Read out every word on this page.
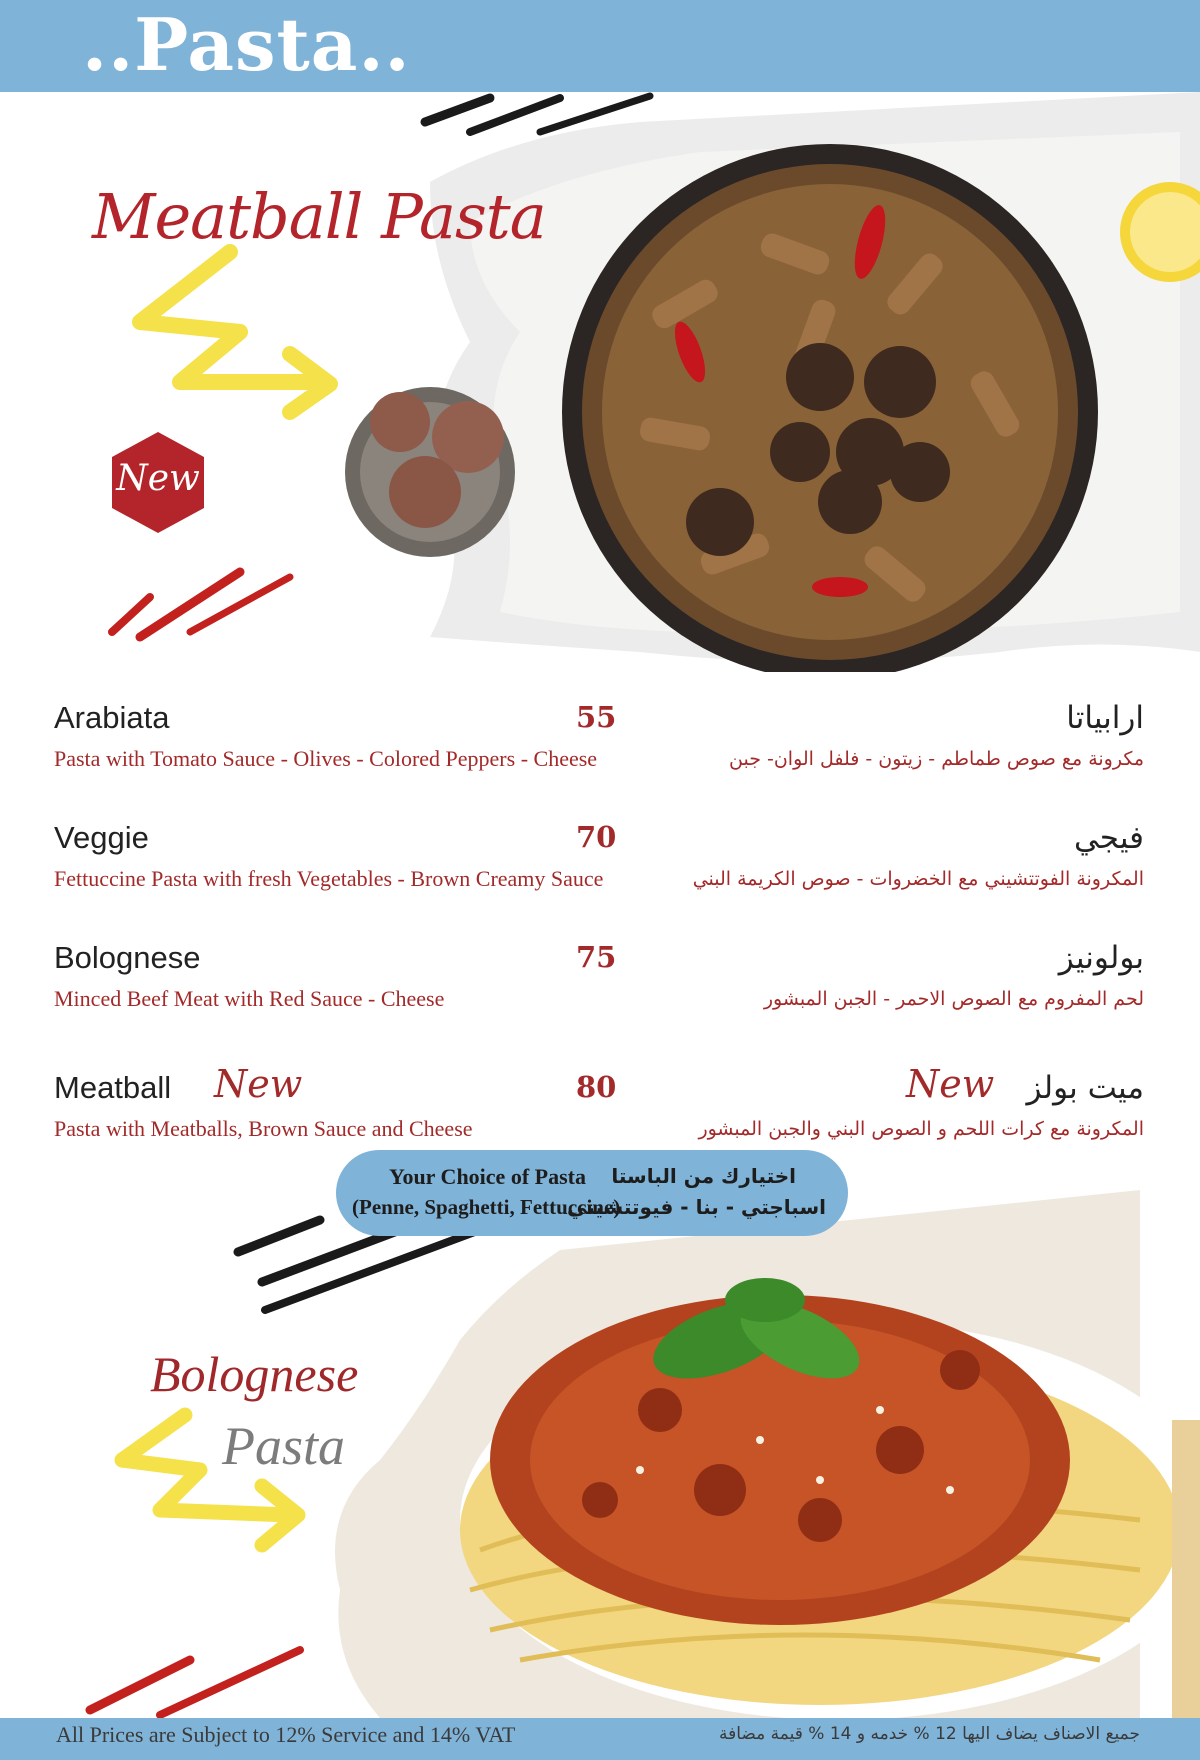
..Pasta..
Meatball Pasta
New
Arabiata	55
Pasta with Tomato Sauce - Olives - Colored Peppers - Cheese
ارابياتا
مكرونة مع صوص طماطم - زيتون - فلفل الوان- جبن
Veggie	70
Fettuccine Pasta with fresh Vegetables - Brown Creamy Sauce
فيجي
المكرونة الفوتتشيني مع الخضروات - صوص الكريمة البني
Bolognese	75
Minced Beef Meat with Red Sauce - Cheese
بولونيز
لحم المفروم مع الصوص الاحمر - الجبن المبشور
Meatball New	80
Pasta with Meatballs, Brown Sauce and Cheese
New ميت بولز
المكرونة مع كرات اللحم و الصوص البني والجبن المبشور
Bolognese
Pasta
Your Choice of Pasta
(Penne, Spaghetti, Fettuccine)
اختيارك من الباستا
اسباجتي - بنا - فيوتتشيني
All Prices are Subject to 12% Service and 14% VAT	جميع الاصناف يضاف اليها 12 % خدمه و 14 % قيمة مضافة
